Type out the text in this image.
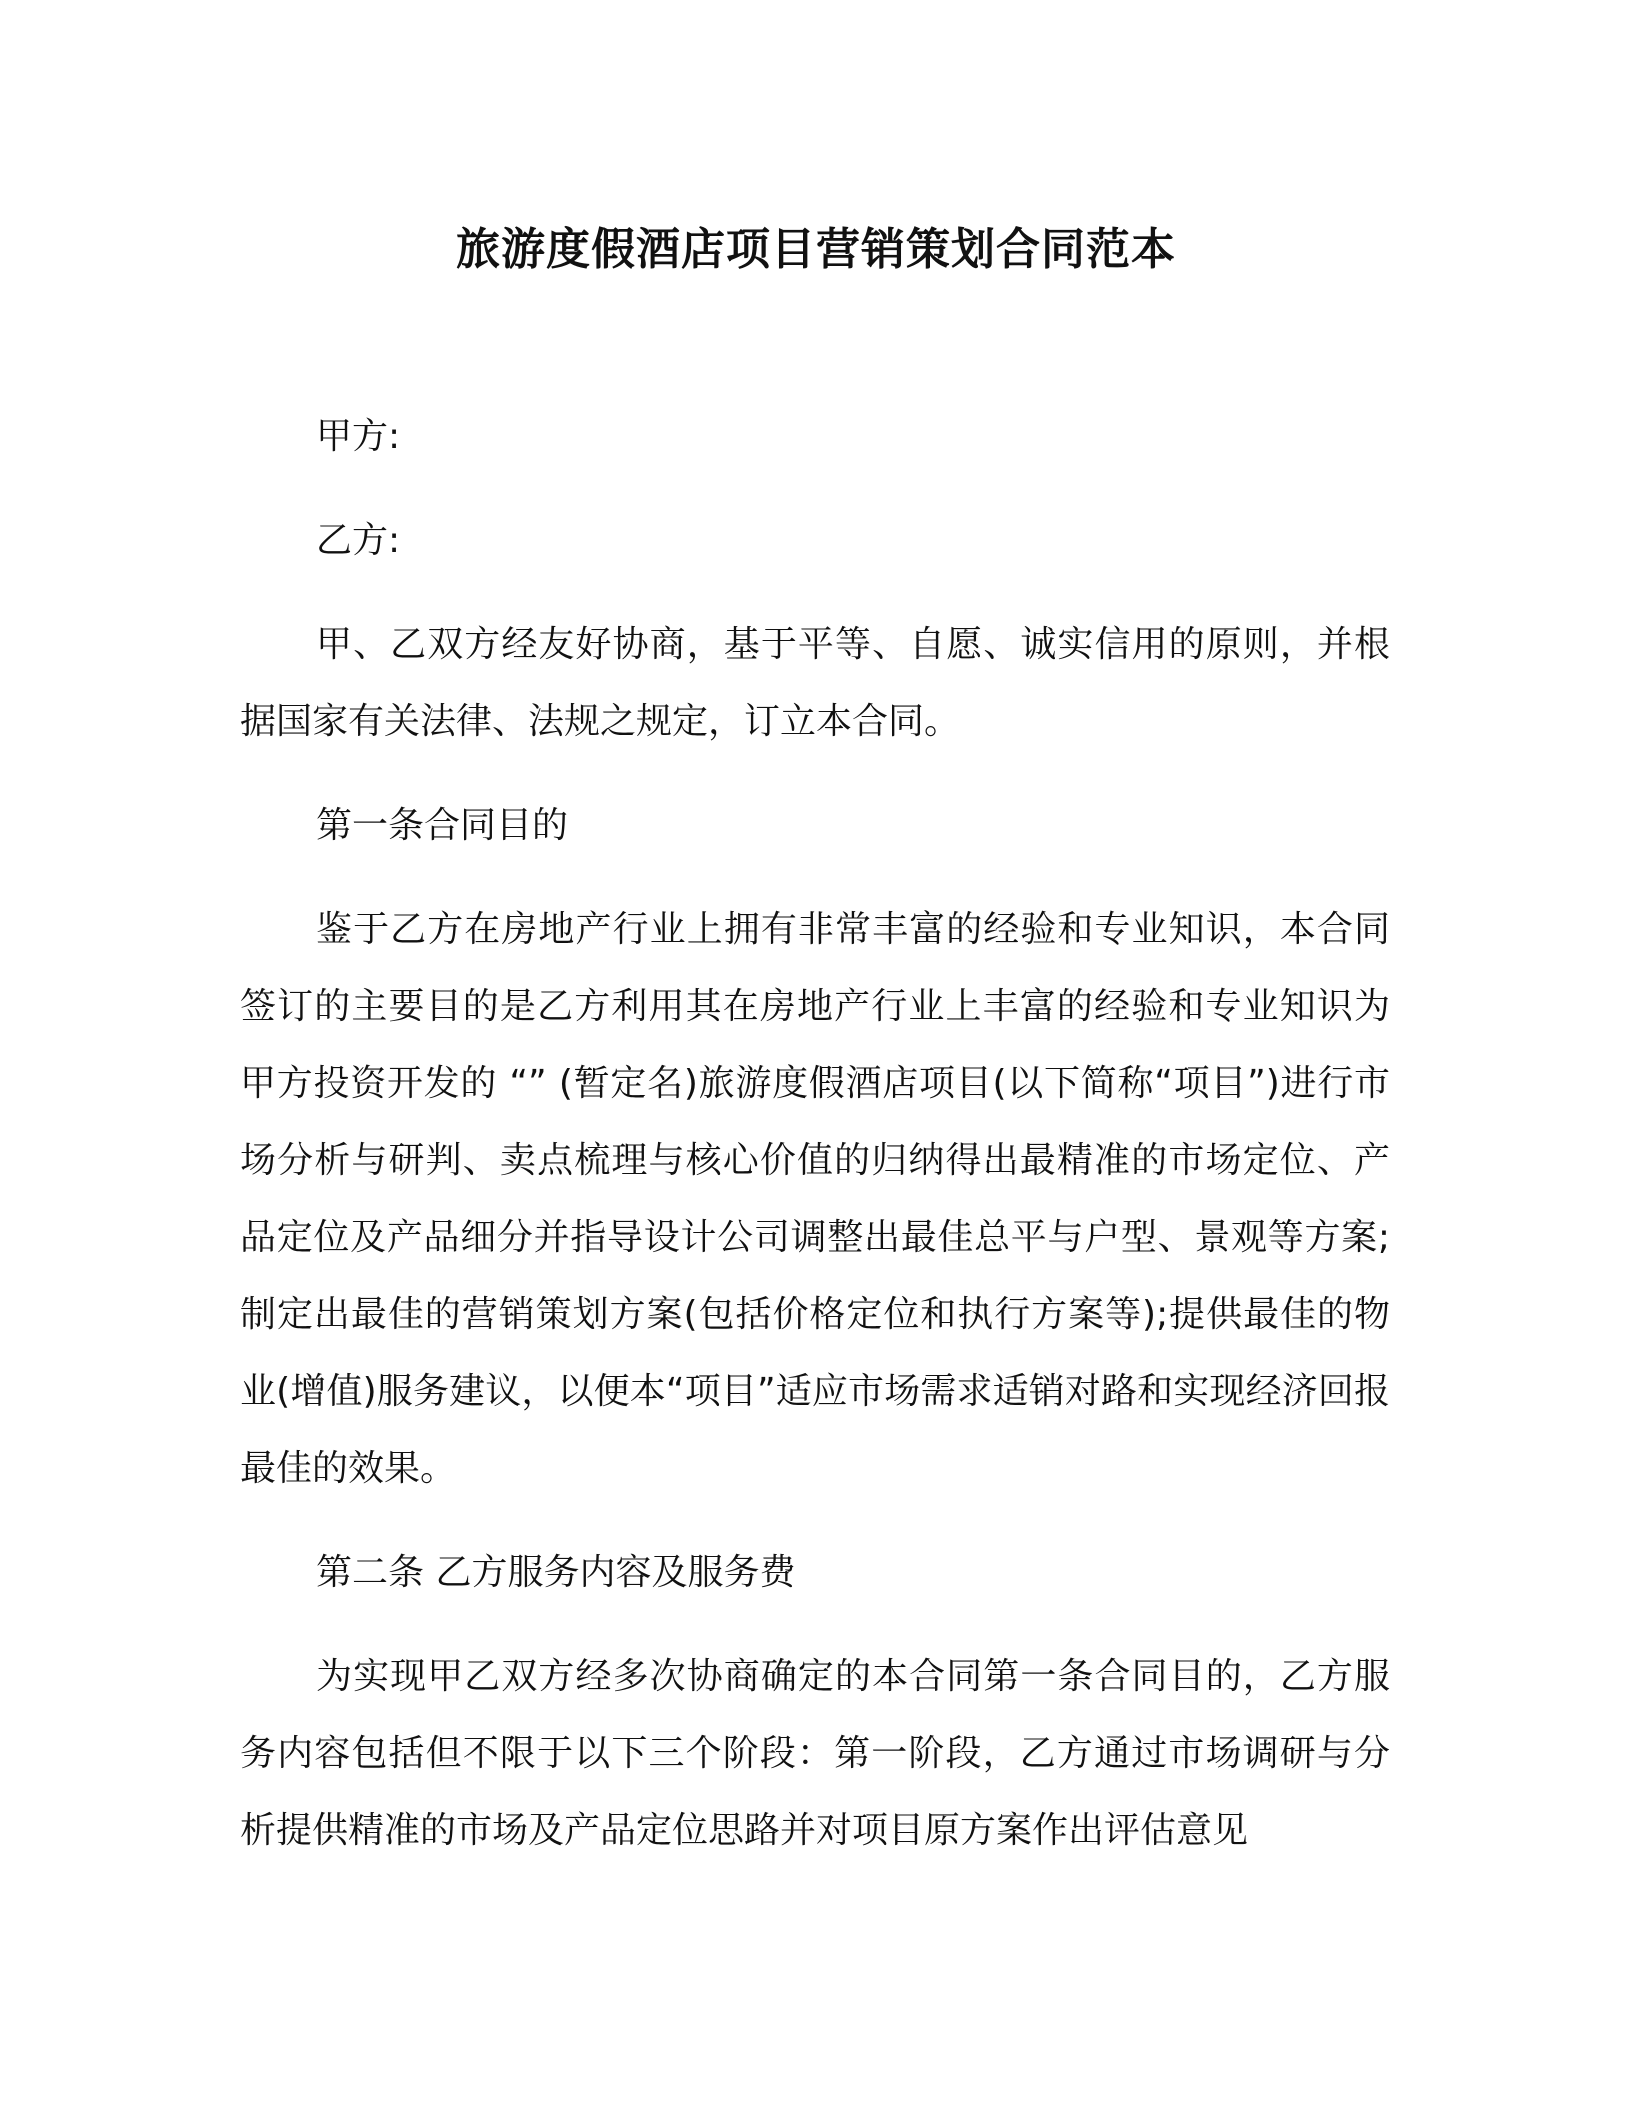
旅游度假酒店项目营销策划合同范本

甲方:

乙方:

甲、乙双方经友好协商，基于平等、自愿、诚实信用的原则，并根据国家有关法律、法规之规定，订立本合同。

第一条合同目的

鉴于乙方在房地产行业上拥有非常丰富的经验和专业知识，本合同签订的主要目的是乙方利用其在房地产行业上丰富的经验和专业知识为甲方投资开发的 “” (暂定名)旅游度假酒店项目(以下简称“项目”)进行市场分析与研判、卖点梳理与核心价值的归纳得出最精准的市场定位、产品定位及产品细分并指导设计公司调整出最佳总平与户型、景观等方案;制定出最佳的营销策划方案(包括价格定位和执行方案等);提供最佳的物业(增值)服务建议，以便本“项目”适应市场需求适销对路和实现经济回报最佳的效果。

第二条 乙方服务内容及服务费

为实现甲乙双方经多次协商确定的本合同第一条合同目的，乙方服务内容包括但不限于以下三个阶段：第一阶段，乙方通过市场调研与分析提供精准的市场及产品定位思路并对项目原方案作出评估意见
